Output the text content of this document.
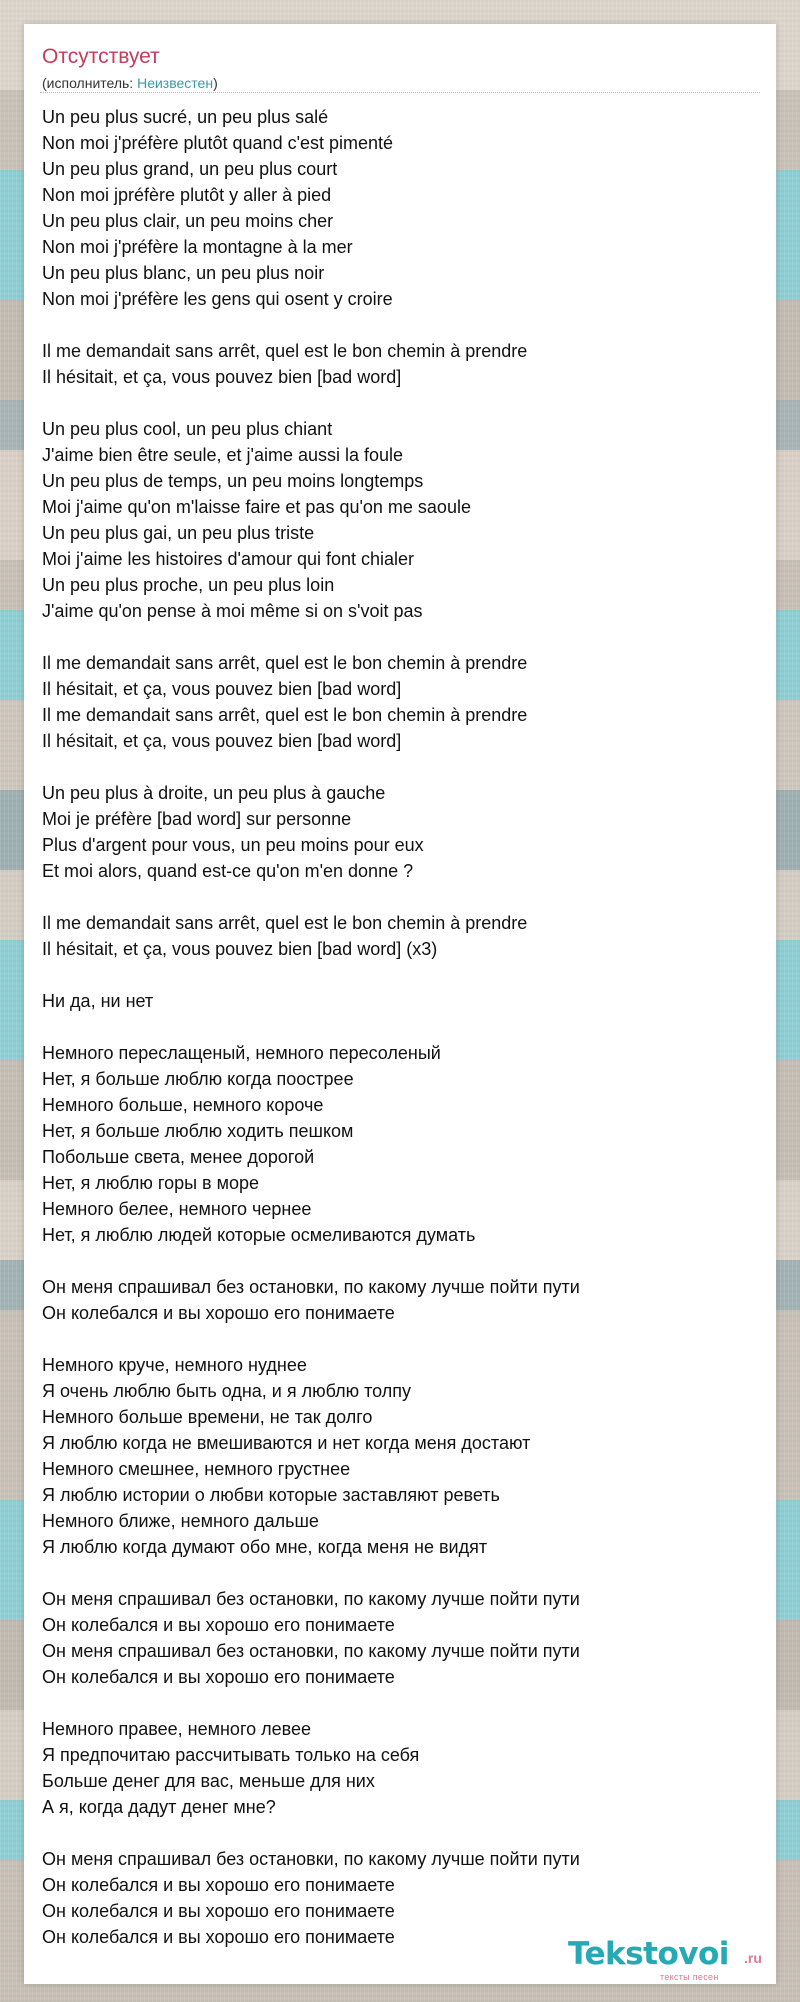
Отсутствует
(исполнитель: Неизвестен)
Un peu plus sucré, un peu plus salé
Non moi j'préfère plutôt quand c'est pimenté
Un peu plus grand, un peu plus court
Non moi jpréfère plutôt y aller à pied
Un peu plus clair, un peu moins cher
Non moi j'préfère la montagne à la mer
Un peu plus blanc, un peu plus noir
Non moi j'préfère les gens qui osent y croire
Il me demandait sans arrêt, quel est le bon chemin à prendre
Il hésitait, et ça, vous pouvez bien [bad word]
Un peu plus cool, un peu plus chiant
J'aime bien être seule, et j'aime aussi la foule
Un peu plus de temps, un peu moins longtemps
Moi j'aime qu'on m'laisse faire et pas qu'on me saoule
Un peu plus gai, un peu plus triste
Moi j'aime les histoires d'amour qui font chialer
Un peu plus proche, un peu plus loin
J'aime qu'on pense à moi même si on s'voit pas
Il me demandait sans arrêt, quel est le bon chemin à prendre
Il hésitait, et ça, vous pouvez bien [bad word]
Il me demandait sans arrêt, quel est le bon chemin à prendre
Il hésitait, et ça, vous pouvez bien [bad word]
Un peu plus à droite, un peu plus à gauche
Moi je préfère [bad word] sur personne
Plus d'argent pour vous, un peu moins pour eux
Et moi alors, quand est-ce qu'on m'en donne ?
Il me demandait sans arrêt, quel est le bon chemin à prendre
Il hésitait, et ça, vous pouvez bien [bad word] (x3)
Ни да, ни нет
Немного переслащеный, немного пересоленый
Нет, я больше люблю когда поострее
Немного больше, немного короче
Нет, я больше люблю ходить пешком
Побольше света, менее дорогой
Нет, я люблю горы в море
Немного белее, немного чернее
Нет, я люблю людей которые осмеливаются думать
Он меня спрашивал без остановки, по какому лучше пойти пути
Он колебался и вы хорошо его понимаете
Немного круче, немного нуднее
Я очень люблю быть одна, и я люблю толпу
Немного больше времени, не так долго
Я люблю когда не вмешиваются и нет когда меня достают
Немного смешнее, немного грустнее
Я люблю истории о любви которые заставляют реветь
Немного ближе, немного дальше
Я люблю когда думают обо мне, когда меня не видят
Он меня спрашивал без остановки, по какому лучше пойти пути
Он колебался и вы хорошо его понимаете
Он меня спрашивал без остановки, по какому лучше пойти пути
Он колебался и вы хорошо его понимаете
Немного правее, немного левее
Я предпочитаю рассчитывать только на себя
Больше денег для вас, меньше для них
А я, когда дадут денег мне?
Он меня спрашивал без остановки, по какому лучше пойти пути
Он колебался и вы хорошо его понимаете
Он колебался и вы хорошо его понимаете
Он колебался и вы хорошо его понимаете	Tekstovoi .ru
тексты песен
